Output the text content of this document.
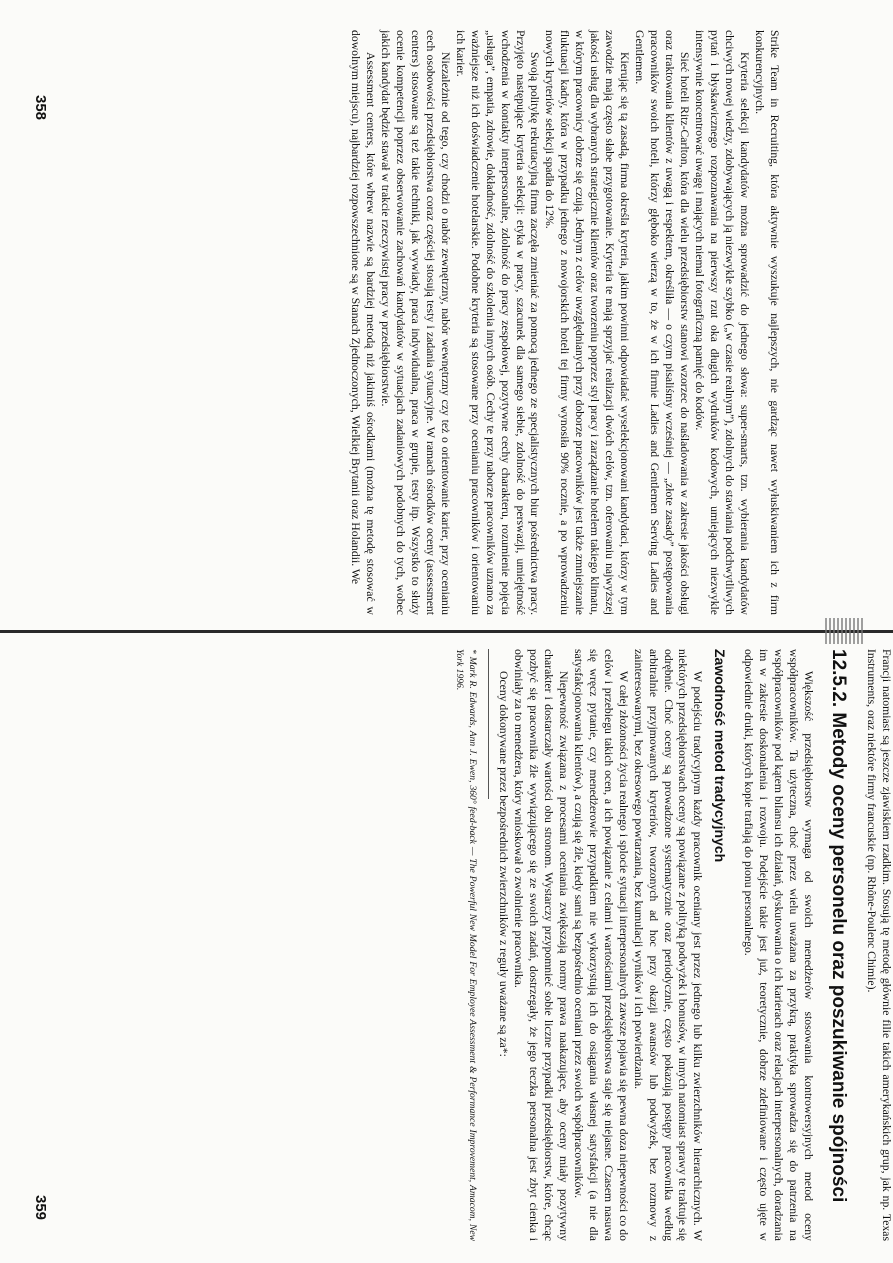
Strike Team in Recruiting, która aktywnie wyszukuje najlepszych, nie gardząc nawet wyłuskiwaniem ich z firm konkurencyjnych.

Kryteria selekcji kandydatów można sprowadzić do jednego słowa: super-smarts, tzn. wybierania kandydatów chciwych nowej wiedzy, zdobywających ją niezwykle szybko („w czasie realnym”), zdolnych do stawiania podchwytliwych pytań i błyskawicznego rozpoznawania na pierwszy rzut oka długich wydruków kodowych, umiejących niezwykle intensywnie koncentrować uwagę i mających niemal fotograficzną pamięć do kodów.

Sieć hoteli Ritz-Carlton, która dla wielu przedsiębiorstw stanowi wzorzec do naśladowania w zakresie jakości obsługi oraz traktowania klientów z uwagą i respektem, określiła — o czym pisaliśmy wcześniej — „złote zasady” postępowania pracowników swoich hoteli, którzy głęboko wierzą w to, że w ich firmie Ladies and Gentlemen Serving Ladies and Gentlemen.

Kierując się tą zasadą, firma określa kryteria, jakim powinni odpowiadać wyselekcjonowani kandydaci, którzy w tym zawodzie mają często słabe przygotowanie. Kryteria te mają sprzyjać realizacji dwóch celów, tzn. oferowaniu najwyższej jakości usług dla wybranych strategicznie klientów oraz tworzeniu poprzez styl pracy i zarządzanie hotelem takiego klimatu, w którym pracownicy dobrze się czują. Jednym z celów uwzględnianych przy doborze pracowników jest także zmniejszanie fluktuacji kadry, która w przypadku jednego z nowojorskich hoteli tej firmy wynosiła 90% rocznie, a po wprowadzeniu nowych kryteriów selekcji spadła do 12%.

Swoją politykę rekrutacyjną firma zaczęła zmieniać za pomocą jednego ze specjalistycznych biur pośrednictwa pracy. Przyjęto następujące kryteria selekcji: etyka w pracy, szacunek dla samego siebie, zdolność do perswazji, umiejętność wchodzenia w kontakty interpersonalne, zdolność do pracy zespołowej, pozytywne cechy charakteru, rozumienie pojęcia „usługa”, empatia, zdrowie, dokładność, zdolność do szkolenia innych osób. Cechy te przy naborze pracowników uznano za ważniejsze niż ich doświadczenie hotelarskie. Podobne kryteria są stosowane przy ocenianiu pracowników i orientowaniu ich karier.

Niezależnie od tego, czy chodzi o nabór zewnętrzny, nabór wewnętrzny czy też o orientowanie karier, przy ocenianiu cech osobowości przedsiębiorstwa coraz częściej stosują testy i zadania sytuacyjne. W ramach ośrodków oceny (assessment centers) stosowane są też takie techniki, jak wywiady, praca indywidualna, praca w grupie, testy itp. Wszystko to służy ocenie kompetencji poprzez obserwowanie zachowań kandydatów w sytuacjach zadaniowych podobnych do tych, wobec jakich kandydat będzie stawał w trakcie rzeczywistej pracy w przedsiębiorstwie.

Assessment centers, które wbrew nazwie są bardziej metodą niż jakimiś ośrodkami (można tę metodę stosować w dowolnym miejscu), najbardziej rozpowszechnione są w Stanach Zjednoczonych, Wielkiej Brytanii oraz Holandii. We

358

Francji natomiast są jeszcze zjawiskiem rzadkim. Stosują tę metodę głównie filie takich amerykańskich grup, jak np. Texas Instruments, oraz niektóre firmy francuskie (np. Rhône-Poulenc Chimie).

12.5.2. Metody oceny personelu oraz poszukiwanie spójności

Większość przedsiębiorstw wymaga od swoich menedżerów stosowania kontrowersyjnych metod oceny współpracowników. Ta użyteczna, choć przez wielu uważana za przykrą, praktyka sprowadza się do patrzenia na współpracowników pod kątem bilansu ich działań, dyskutowania o ich karierach oraz relacjach interpersonalnych, doradzania im w zakresie doskonalenia i rozwoju. Podejście takie jest już, teoretycznie, dobrze zdefiniowane i często ujęte w odpowiednie druki, których kopie trafiają do pionu personalnego.

Zawodność metod tradycyjnych

W podejściu tradycyjnym każdy pracownik oceniany jest przez jednego lub kilku zwierzchników hierarchicznych. W niektórych przedsiębiorstwach oceny są powiązane z polityką podwyżek i bonusów, w innych natomiast sprawy te traktuje się odrębnie. Choć oceny są prowadzone systematycznie oraz periodycznie, często pokazują postępy pracownika według arbitralnie przyjmowanych kryteriów, tworzonych ad hoc przy okazji awansów lub podwyżek, bez rozmowy z zainteresowanymi, bez okresowego powtarzania, bez kumulacji wyników i ich potwierdzania.

W całej złożoności życia realnego i splocie sytuacji interpersonalnych zawsze pojawia się pewna doza niepewności co do celów i przebiegu takich ocen, a ich powiązanie z celami i wartościami przedsiębiorstwa staje się niejasne. Czasem nasuwa się wręcz pytanie, czy menedżerowie przypadkiem nie wykorzystują ich do osiągania własnej satysfakcji (a nie dla satysfakcjonowania klientów), a czują się źle, kiedy sami są bezpośrednio oceniani przez swoich współpracowników.

Niepewność związana z procesami oceniania zwiększają normy prawa naakazujące, aby oceny miały pozytywny charakter i dostarczały wartości obu stronom. Wystarczy przypomnieć sobie liczne przypadki przedsiębiorstw, które, chcąc pozbyć się pracownika źle wywiązującego się ze swoich zadań, dostrzegały, że jego teczka personalna jest zbyt cienka i obwiniały za to menedżera, który wnioskował o zwolnienie pracownika.

Oceny dokonywane przez bezpośrednich zwierzchników z reguły uważane są za*:

* Mark R. Edwards, Ann J. Ewen, 360° feed-back — The Powerful New Model For Employee Assessment & Performance Improvement, Amacom, New York 1996.
359
